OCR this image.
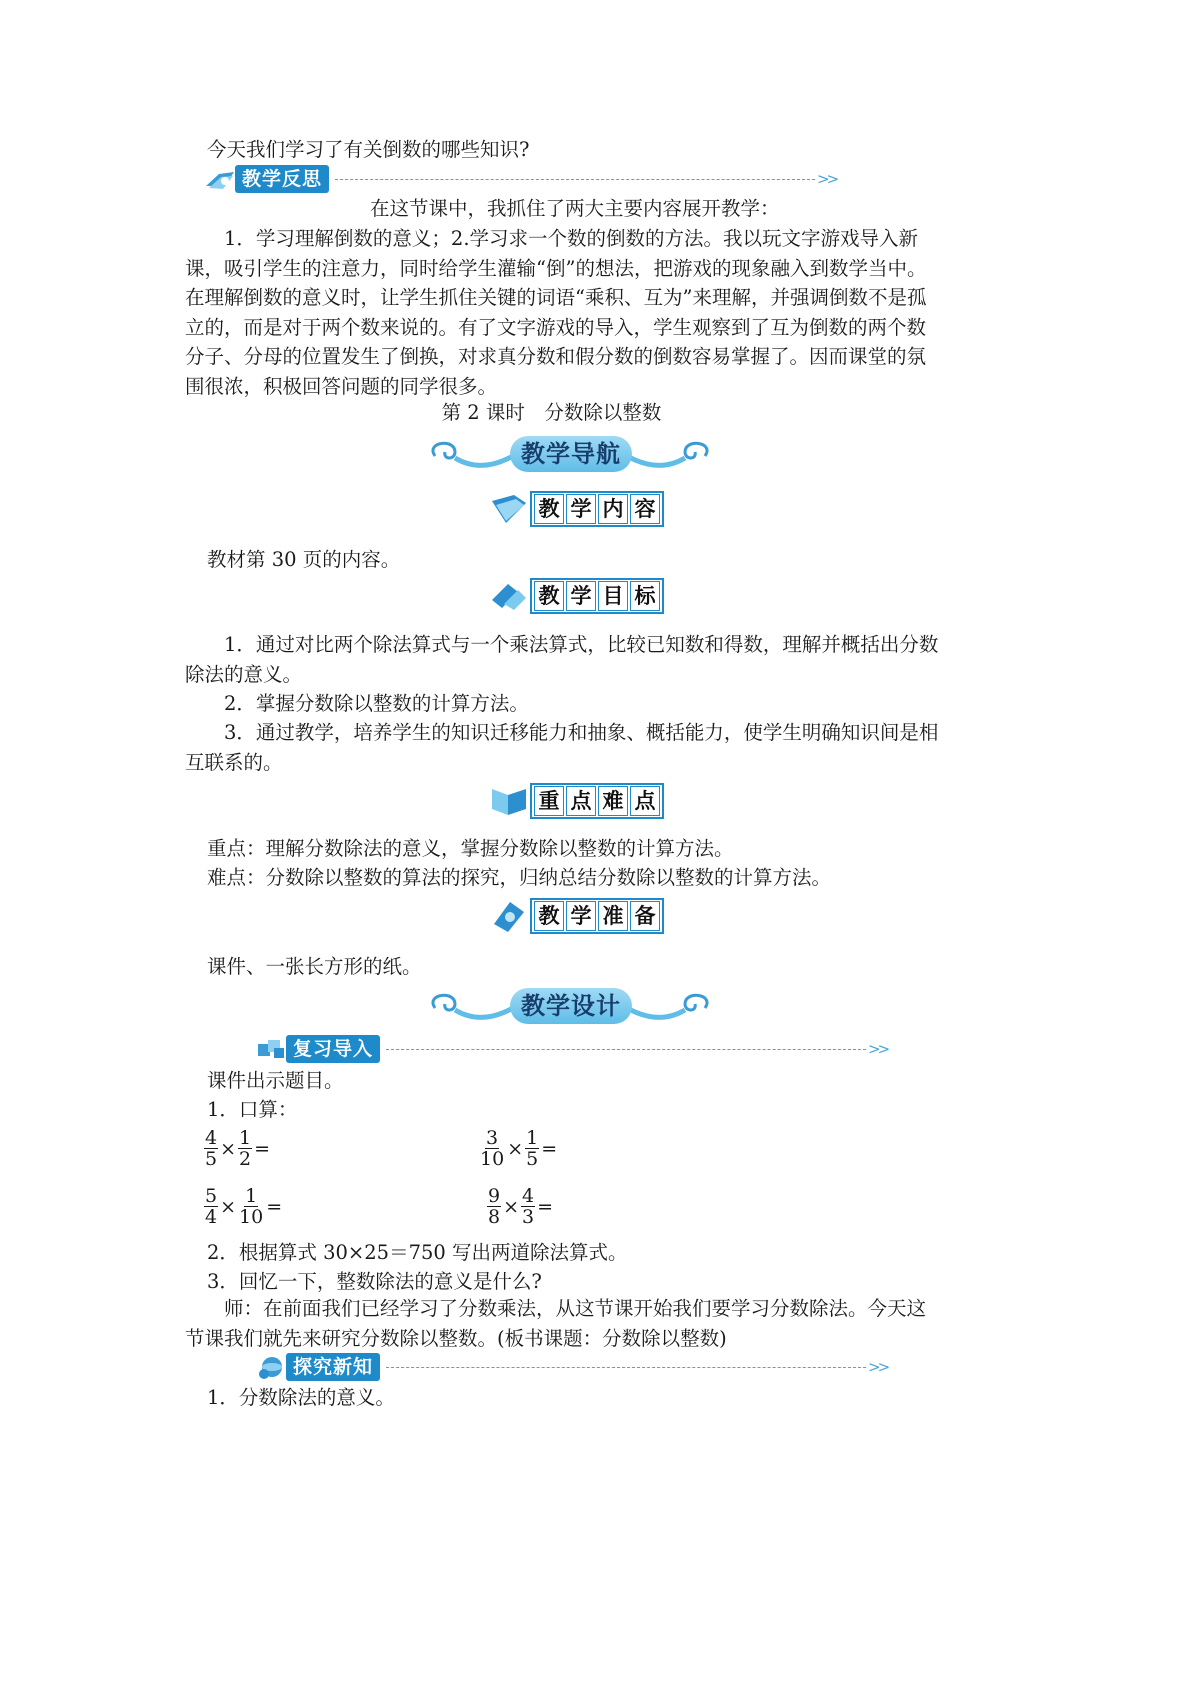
今天我们学习了有关倒数的哪些知识?
教学反思	>>
在这节课中，我抓住了两大主要内容展开教学：

1．学习理解倒数的意义；2.学习求一个数的倒数的方法。我以玩文字游戏导入新课，吸引学生的注意力，同时给学生灌输“倒”的想法，把游戏的现象融入到数学当中。在理解倒数的意义时，让学生抓住关键的词语“乘积、互为”来理解，并强调倒数不是孤立的，而是对于两个数来说的。有了文字游戏的导入，学生观察到了互为倒数的两个数分子、分母的位置发生了倒换，对求真分数和假分数的倒数容易掌握了。因而课堂的氛围很浓，积极回答问题的同学很多。

第 2 课时　分数除以整数
教学导航
教 学 内 容
教材第 30 页的内容。
教 学 目 标

1．通过对比两个除法算式与一个乘法算式，比较已知数和得数，理解并概括出分数除法的意义。

2．掌握分数除以整数的计算方法。

3．通过教学，培养学生的知识迁移能力和抽象、概括能力，使学生明确知识间是相互联系的。

重 点 难 点
重点：理解分数除法的意义，掌握分数除以整数的计算方法。
难点：分数除以整数的算法的探究，归纳总结分数除以整数的计算方法。
教 学 准 备
课件、一张长方形的纸。
教学设计
复习导入	>>
课件出示题目。
1．口算：
$\frac{4}{5} \times \frac{1}{2}$ =	$\frac{3}{10} \times \frac{1}{5}$ =
$\frac{5}{4} \times \frac{1}{10}$ =	$\frac{9}{8} \times \frac{4}{3}$ =
2．根据算式 30×25＝750 写出两道除法算式。
3．回忆一下，整数除法的意义是什么?

师：在前面我们已经学习了分数乘法，从这节课开始我们要学习分数除法。今天这节课我们就先来研究分数除以整数。(板书课题：分数除以整数)

探究新知	>>
1．分数除法的意义。
